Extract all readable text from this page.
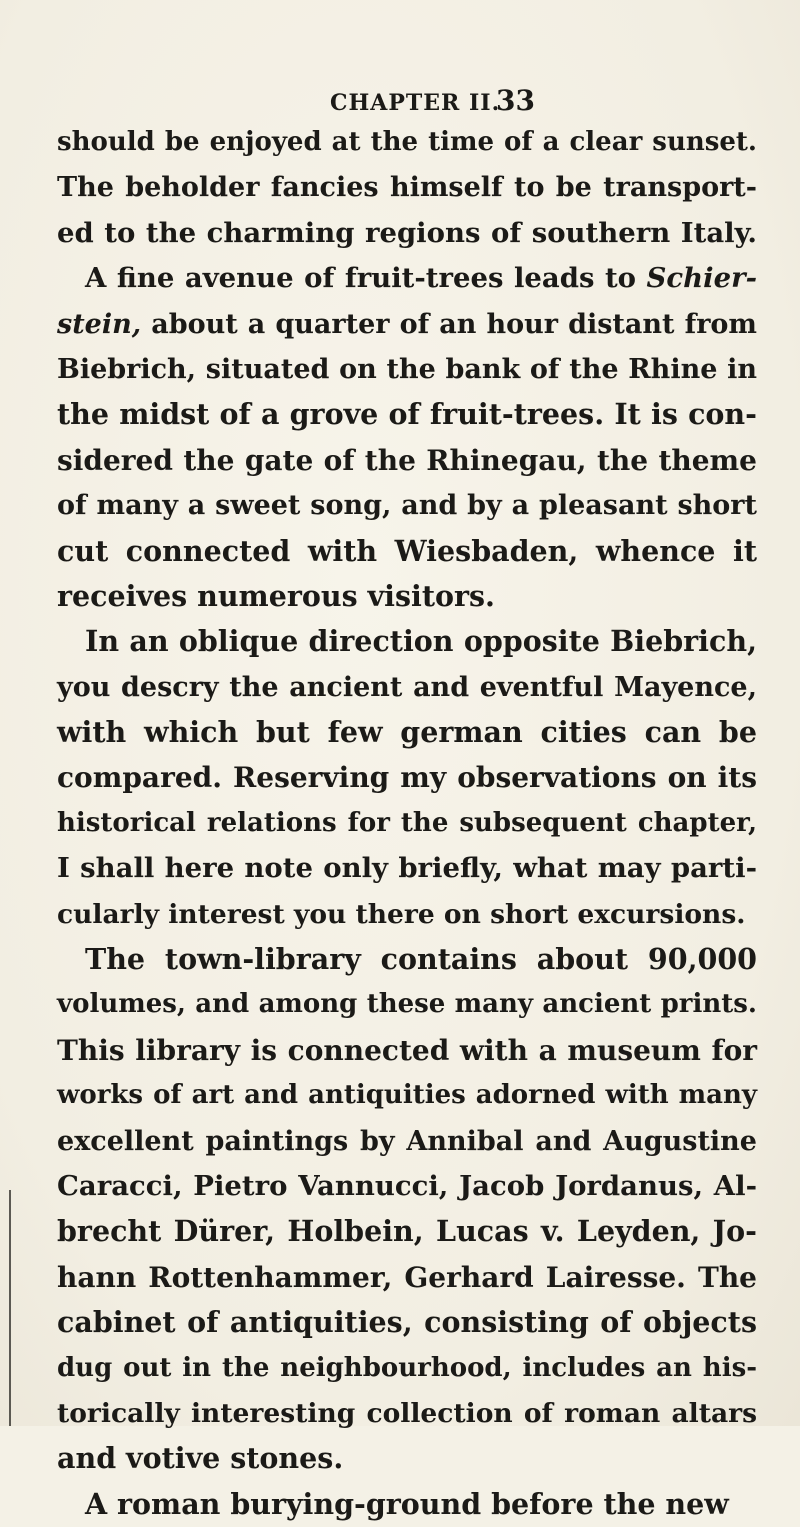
CHAPTER II.
33
should be enjoyed at the time of a clear sunset.
The beholder fancies himself to be transport-
ed to the charming regions of southern Italy.
A fine avenue of fruit-trees leads to Schier-
stein, about a quarter of an hour distant from
Biebrich, situated on the bank of the Rhine in
the midst of a grove of fruit-trees. It is con-
sidered the gate of the Rhinegau, the theme
of many a sweet song, and by a pleasant short
cut connected with Wiesbaden, whence it
receives numerous visitors.
In an oblique direction opposite Biebrich,
you descry the ancient and eventful Mayence,
with which but few german cities can be
compared. Reserving my observations on its
historical relations for the subsequent chapter,
I shall here note only briefly, what may parti-
cularly interest you there on short excursions.
The town-library contains about 90,000
volumes, and among these many ancient prints.
This library is connected with a museum for
works of art and antiquities adorned with many
excellent paintings by Annibal and Augustine
Caracci, Pietro Vannucci, Jacob Jordanus, Al-
brecht Dürer, Holbein, Lucas v. Leyden, Jo-
hann Rottenhammer, Gerhard Lairesse. The
cabinet of antiquities, consisting of objects
dug out in the neighbourhood, includes an his-
torically interesting collection of roman altars
and votive stones.
A roman burying-ground before the new
